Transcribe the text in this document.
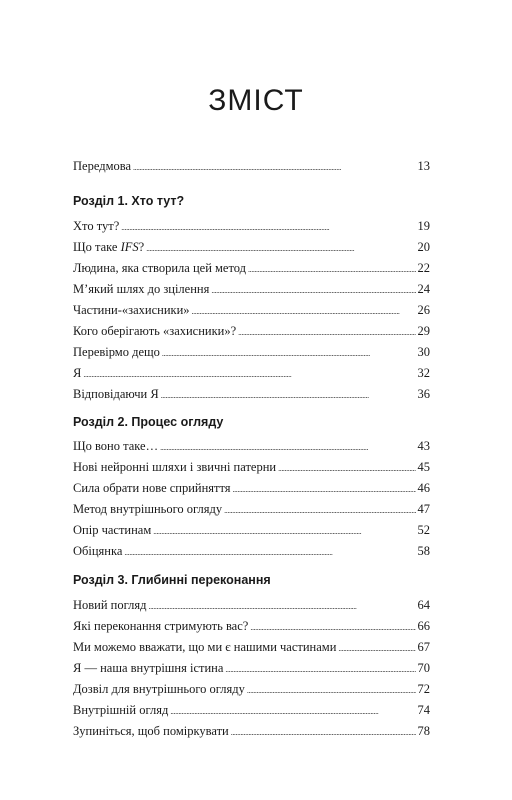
ЗМІСТ
Передмова . . .	13
Розділ 1. Хто тут?
Хто тут? . . .	19
Що таке IFS? . . .	20
Людина, яка створила цей метод . . .	22
М’який шлях до зцілення . . .	24
Частини-«захисники» . . .	26
Кого оберігають «захисники»? . . .	29
Перевірмо дещо . . .	30
Я . . .	32
Відповідаючи Я . . .	36
Розділ 2. Процес огляду
Що воно таке… . . .	43
Нові нейронні шляхи і звичні патерни . . .	45
Сила обрати нове сприйняття . . .	46
Метод внутрішнього огляду . . .	47
Опір частинам . . .	52
Обіцянка . . .	58
Розділ 3. Глибинні переконання
Новий погляд . . .	64
Які переконання стримують вас? . . .	66
Ми можемо вважати, що ми є нашими частинами . . .	67
Я — наша внутрішня істина . . .	70
Дозвіл для внутрішнього огляду . . .	72
Внутрішній огляд . . .	74
Зупиніться, щоб поміркувати . . .	78
